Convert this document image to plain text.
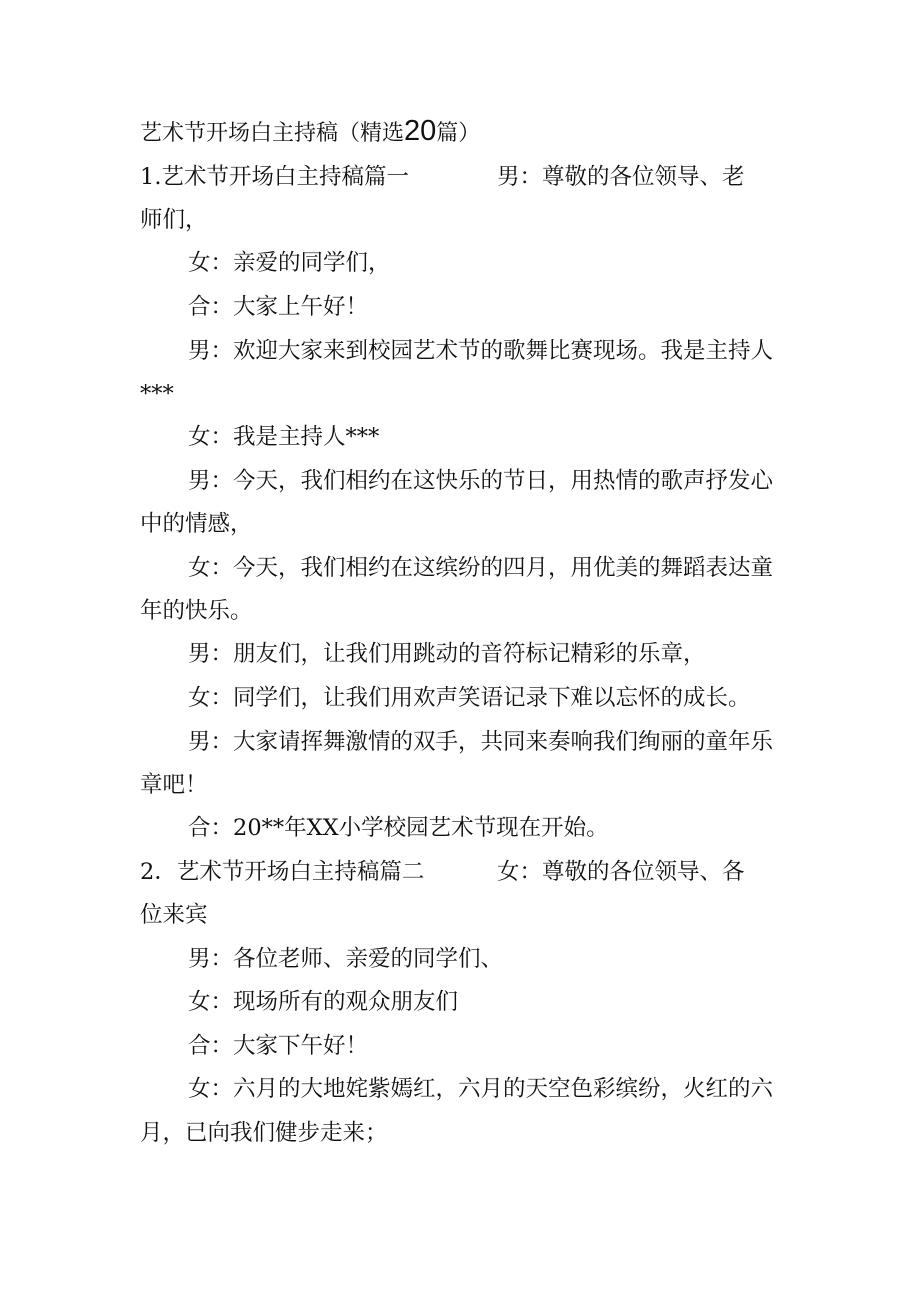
艺术节开场白主持稿（精选20篇）
1.艺术节开场白主持稿篇一	男：尊敬的各位领导、老
师们，
女：亲爱的同学们，
合：大家上午好！
男：欢迎大家来到校园艺术节的歌舞比赛现场。我是主持人
***
女：我是主持人***
男：今天，我们相约在这快乐的节日，用热情的歌声抒发心
中的情感，
女：今天，我们相约在这缤纷的四月，用优美的舞蹈表达童
年的快乐。
男：朋友们，让我们用跳动的音符标记精彩的乐章，
女：同学们，让我们用欢声笑语记录下难以忘怀的成长。
男：大家请挥舞激情的双手，共同来奏响我们绚丽的童年乐
章吧！
合：20**年XX小学校园艺术节现在开始。
2．艺术节开场白主持稿篇二	女：尊敬的各位领导、各
位来宾
男：各位老师、亲爱的同学们、
女：现场所有的观众朋友们
合：大家下午好！
女：六月的大地姹紫嫣红，六月的天空色彩缤纷，火红的六
月，已向我们健步走来；
